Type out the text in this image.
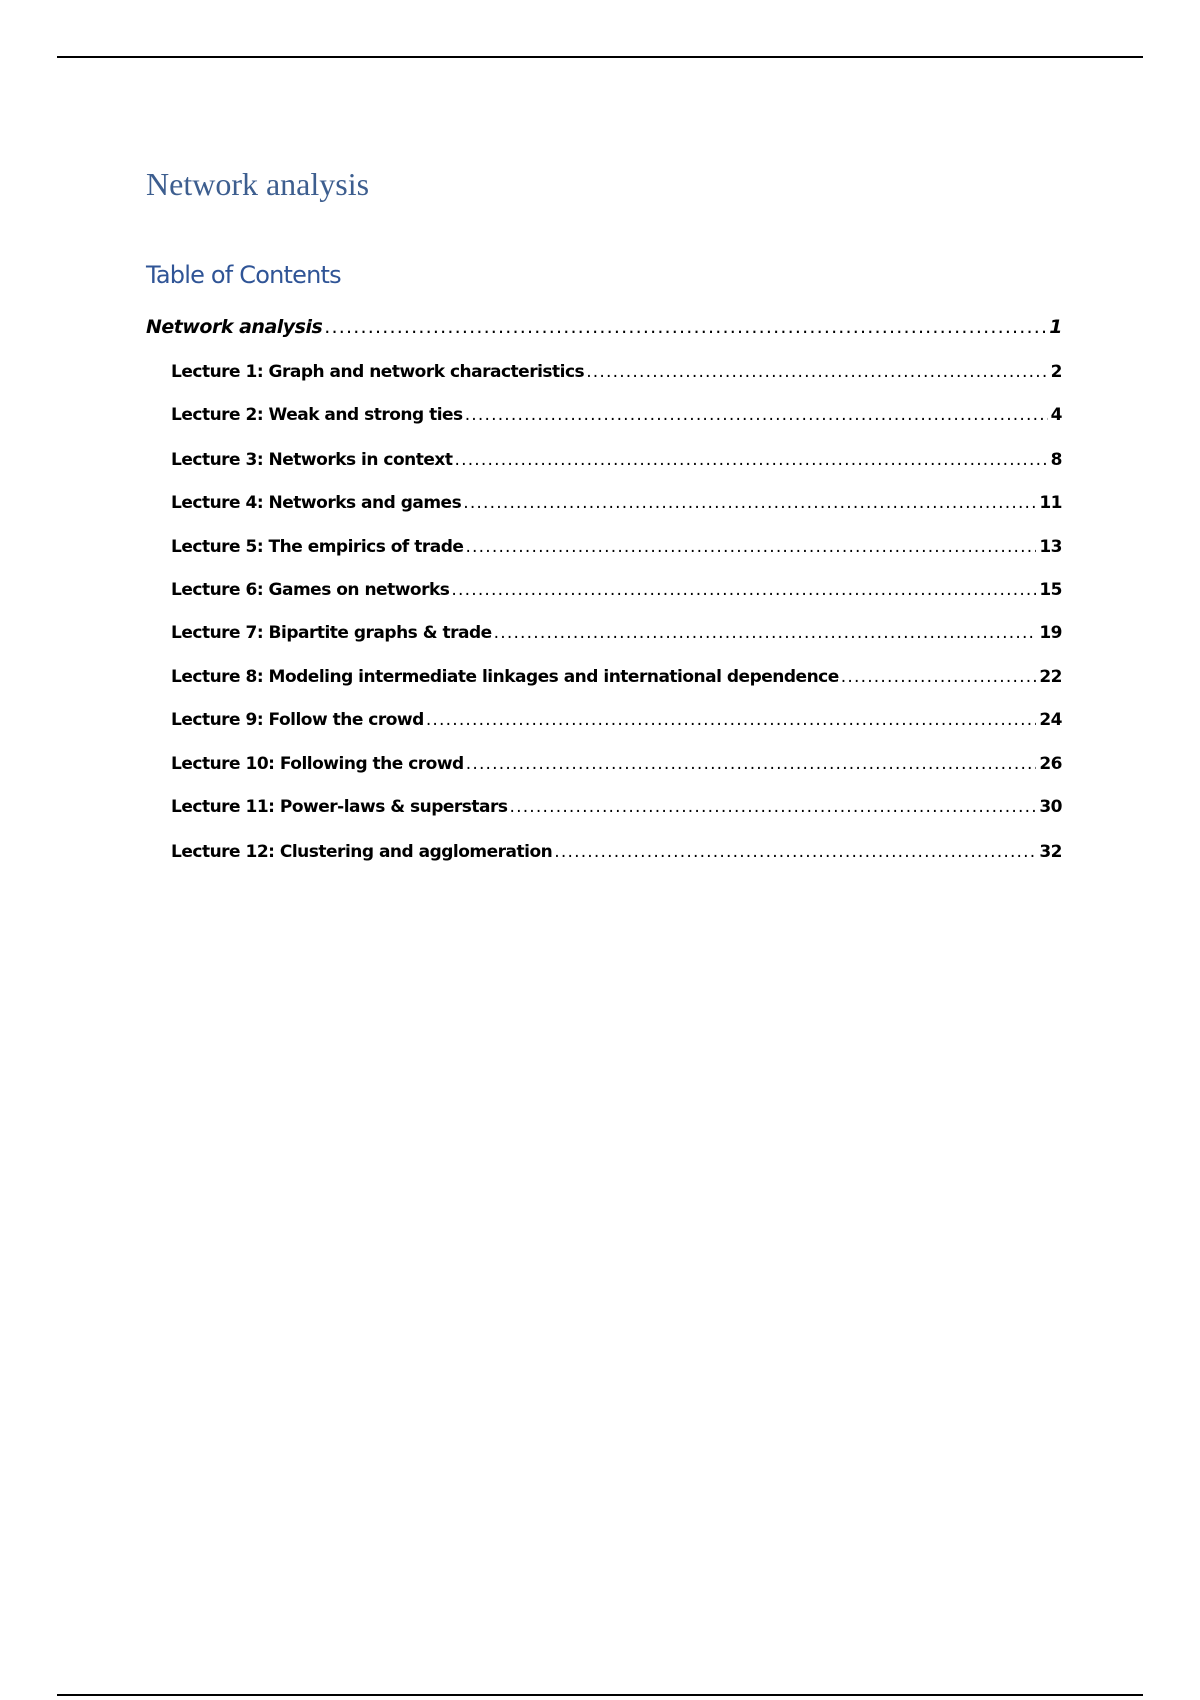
Network analysis
Table of Contents
Network analysis .....	1
Lecture 1: Graph and network characteristics .....	2
Lecture 2: Weak and strong ties .....	4
Lecture 3: Networks in context .....	8
Lecture 4: Networks and games .....	11
Lecture 5: The empirics of trade .....	13
Lecture 6: Games on networks .....	15
Lecture 7: Bipartite graphs & trade .....	19
Lecture 8: Modeling intermediate linkages and international dependence .....	22
Lecture 9: Follow the crowd .....	24
Lecture 10: Following the crowd .....	26
Lecture 11: Power-laws & superstars .....	30
Lecture 12: Clustering and agglomeration .....	32
